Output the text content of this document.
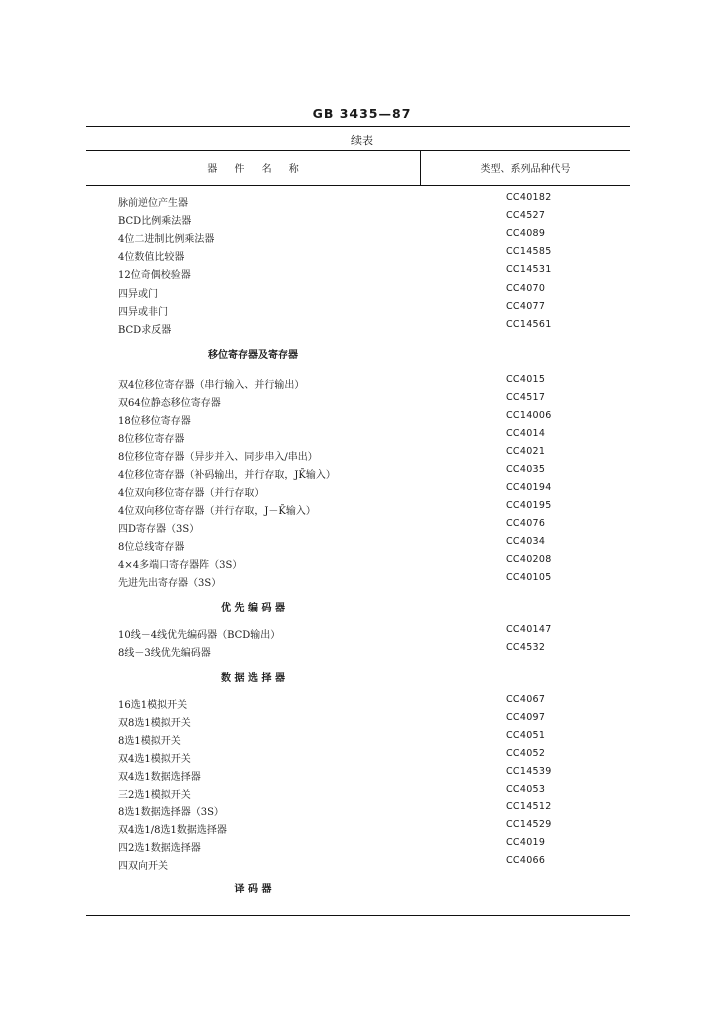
GB 3435—87
续表
器 件 名 称	类型、系列品种代号
脉前逆位产生器
CC40182
BCD比例乘法器
CC4527
4位二进制比例乘法器
CC4089
4位数值比较器
CC14585
12位奇偶校验器
CC14531
四异或门
CC4070
四异或非门
CC4077
BCD求反器
CC14561
移位寄存器及寄存器
双4位移位寄存器（串行输入、并行输出）
CC4015
双64位静态移位寄存器
CC4517
18位移位寄存器
CC14006
8位移位寄存器
CC4014
8位移位寄存器（异步并入、同步串入/串出）
CC4021
4位移位寄存器（补码输出，并行存取，JK̄输入）
CC4035
4位双向移位寄存器（并行存取）
CC40194
4位双向移位寄存器（并行存取，J－K̄输入）
CC40195
四D寄存器（3S）
CC4076
8位总线寄存器
CC4034
4×4多端口寄存器阵（3S）
CC40208
先进先出寄存器（3S）
CC40105
优 先 编 码 器
10线－4线优先编码器（BCD输出）
CC40147
8线－3线优先编码器
CC4532
数 据 选 择 器
16选1模拟开关
CC4067
双8选1模拟开关
CC4097
8选1模拟开关
CC4051
双4选1模拟开关
CC4052
双4选1数据选择器
CC14539
三2选1模拟开关
CC4053
8选1数据选择器（3S）
CC14512
双4选1/8选1数据选择器
CC14529
四2选1数据选择器
CC4019
四双向开关
CC4066
译 码 器
